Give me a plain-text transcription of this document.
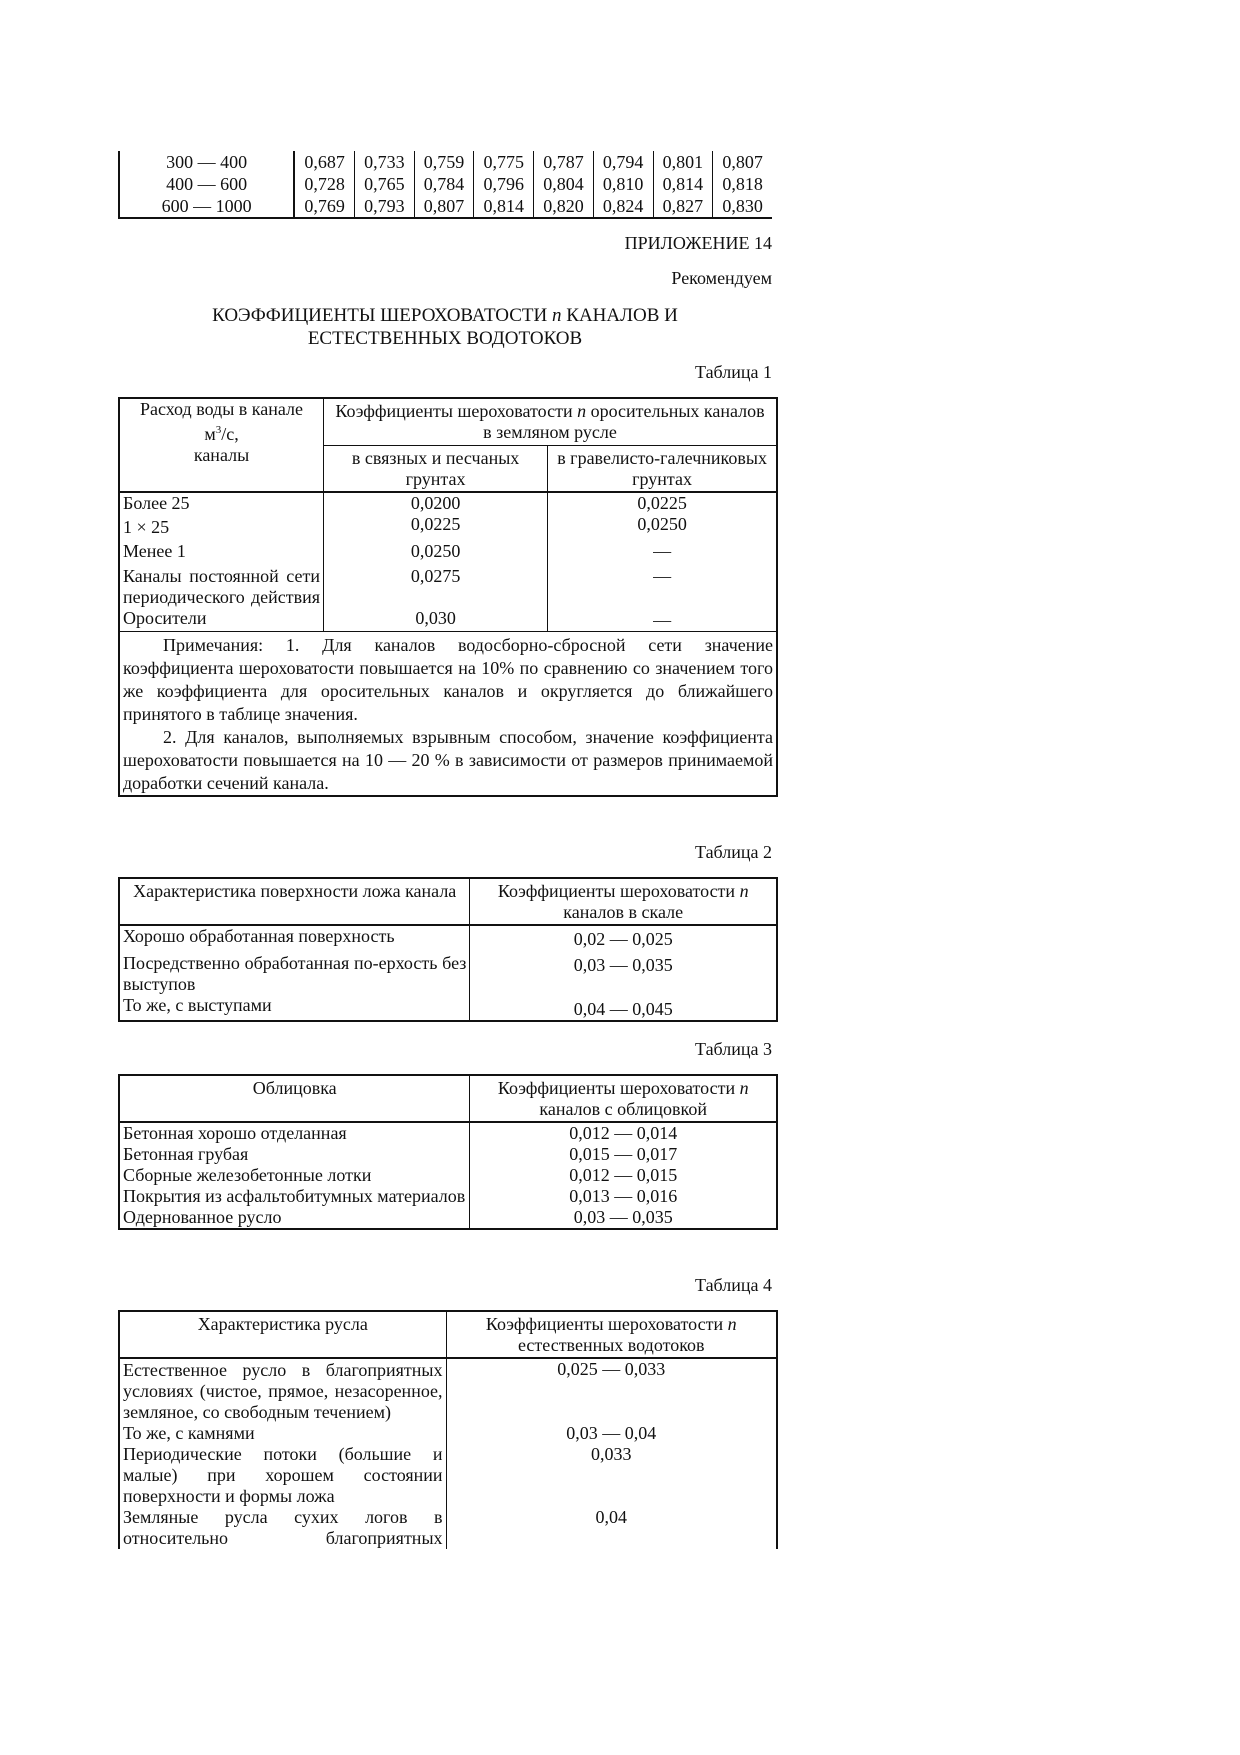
300 — 400	0,687	0,733	0,759	0,775	0,787	0,794	0,801	0,807
400 — 600	0,728	0,765	0,784	0,796	0,804	0,810	0,814	0,818
600 — 1000	0,769	0,793	0,807	0,814	0,820	0,824	0,827	0,830
ПРИЛОЖЕНИЕ 14
Рекомендуем
КОЭФФИЦИЕНТЫ ШЕРОХОВАТОСТИ n КАНАЛОВ И
ЕСТЕСТВЕННЫХ ВОДОТОКОВ
Таблица 1
Расход воды в канале
$м^3/с$,
каналы	Коэффициенты шероховатости n оросительных каналов в земляном русле	
	в связных и песчаных грунтах	в гравелисто-галечниковых грунтах
Более 25	0,0200	0,0225
1 × 25	0,0225	0,0250
Менее 1	0,0250	—
Каналы постоянной сети периодического действия	0,0275	—
Оросители	0,030	—

Примечания: 1. Для каналов водосборно-сбросной сети значение коэффициента шероховатости повышается на 10% по сравнению со значением того же коэффициента для оросительных каналов и округляется до ближайшего принятого в таблице значения.

2. Для каналов, выполняемых взрывным способом, значение коэффициента шероховатости повышается на 10 — 20 % в зависимости от размеров принимаемой доработки сечений канала.		

Таблица 2
Характеристика поверхности ложа канала	Коэффициенты шероховатости n каналов в скале
Хорошо обработанная поверхность	0,02 — 0,025
Посредственно обработанная по-ерхость без выступов	0,03 — 0,035
То же, с выступами	0,04 — 0,045
Таблица 3
Облицовка	Коэффициенты шероховатости n каналов с облицовкой
Бетонная хорошо отделанная	0,012 — 0,014
Бетонная грубая	0,015 — 0,017
Сборные железобетонные лотки	0,012 — 0,015
Покрытия из асфальтобитумных материалов	0,013 — 0,016
Одернованное русло	0,03 — 0,035
Таблица 4
Характеристика русла	Коэффициенты шероховатости n естественных водотоков
Естественное русло в благоприятных условиях (чистое, прямое, незасоренное, земляное, со свободным течением)	0,025 — 0,033
То же, с камнями	0,03 — 0,04
Периодические потоки (большие и малые) при хорошем состоянии поверхности и формы ложа	0,033
Земляные русла сухих логов в относительно благоприятных	0,04
